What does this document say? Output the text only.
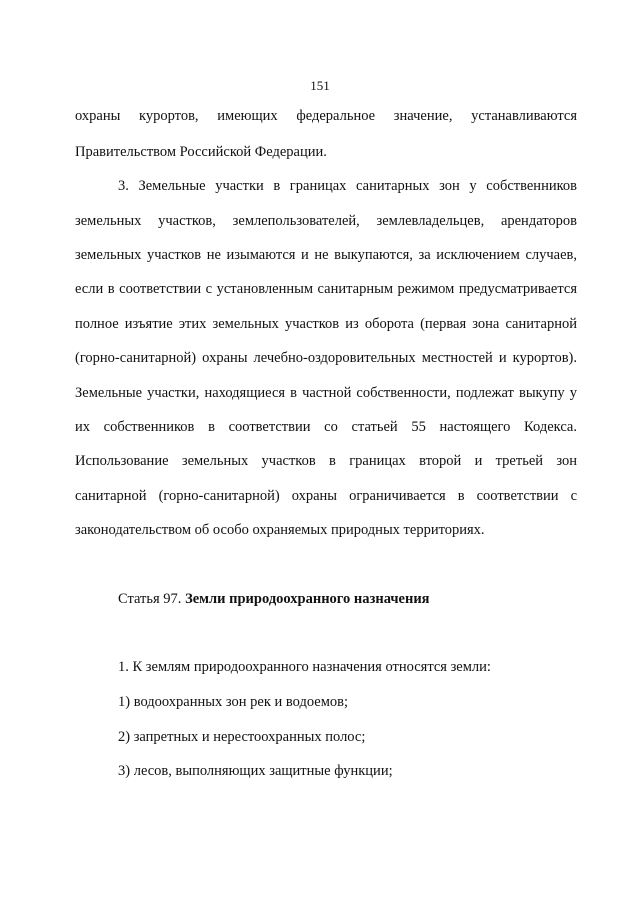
151
охраны курортов, имеющих федеральное значение, устанавливаются
Правительством Российской Федерации.
3. Земельные участки в границах санитарных зон у собственников
земельных участков, землепользователей, землевладельцев, арендаторов
земельных участков не изымаются и не выкупаются, за исключением случаев,
если в соответствии с установленным санитарным режимом предусматривается
полное изъятие этих земельных участков из оборота (первая зона санитарной
(горно-санитарной) охраны лечебно-оздоровительных местностей и курортов).
Земельные участки, находящиеся в частной собственности, подлежат выкупу у
их собственников в соответствии со статьей 55 настоящего Кодекса.
Использование земельных участков в границах второй и третьей зон
санитарной (горно-санитарной) охраны ограничивается в соответствии с
законодательством об особо охраняемых природных территориях.
Статья 97. Земли природоохранного назначения
1. К землям природоохранного назначения относятся земли:
1) водоохранных зон рек и водоемов;
2) запретных и нерестоохранных полос;
3) лесов, выполняющих защитные функции;
